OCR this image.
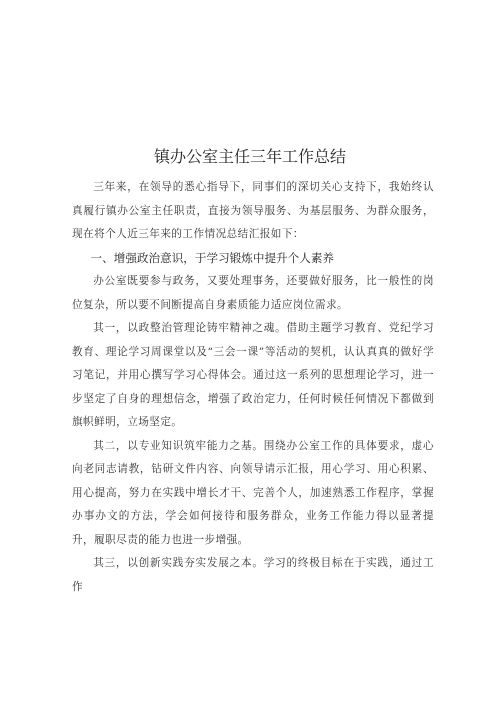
镇办公室主任三年工作总结

三年来，在领导的悉心指导下，同事们的深切关心支持下，我始终认真履行镇办公室主任职责，直接为领导服务、为基层服务、为群众服务，现在将个人近三年来的工作情况总结汇报如下：

一、增强政治意识，于学习锻炼中提升个人素养

办公室既要参与政务，又要处理事务，还要做好服务，比一般性的岗位复杂，所以要不间断提高自身素质能力适应岗位需求。

其一，以政整治管理论铸牢精神之魂。借助主题学习教育、党纪学习教育、理论学习周课堂以及“三会一课”等活动的契机，认认真真的做好学习笔记，并用心撰写学习心得体会。通过这一系列的思想理论学习，进一步坚定了自身的理想信念，增强了政治定力，任何时候任何情况下都做到旗帜鲜明，立场坚定。

其二，以专业知识筑牢能力之基。围绕办公室工作的具体要求，虚心向老同志请教，钻研文件内容、向领导请示汇报，用心学习、用心积累、用心提高，努力在实践中增长才干、完善个人，加速熟悉工作程序，掌握办事办文的方法，学会如何接待和服务群众，业务工作能力得以显著提升，履职尽责的能力也进一步增强。

其三，以创新实践夯实发展之本。学习的终极目标在于实践，通过工作
